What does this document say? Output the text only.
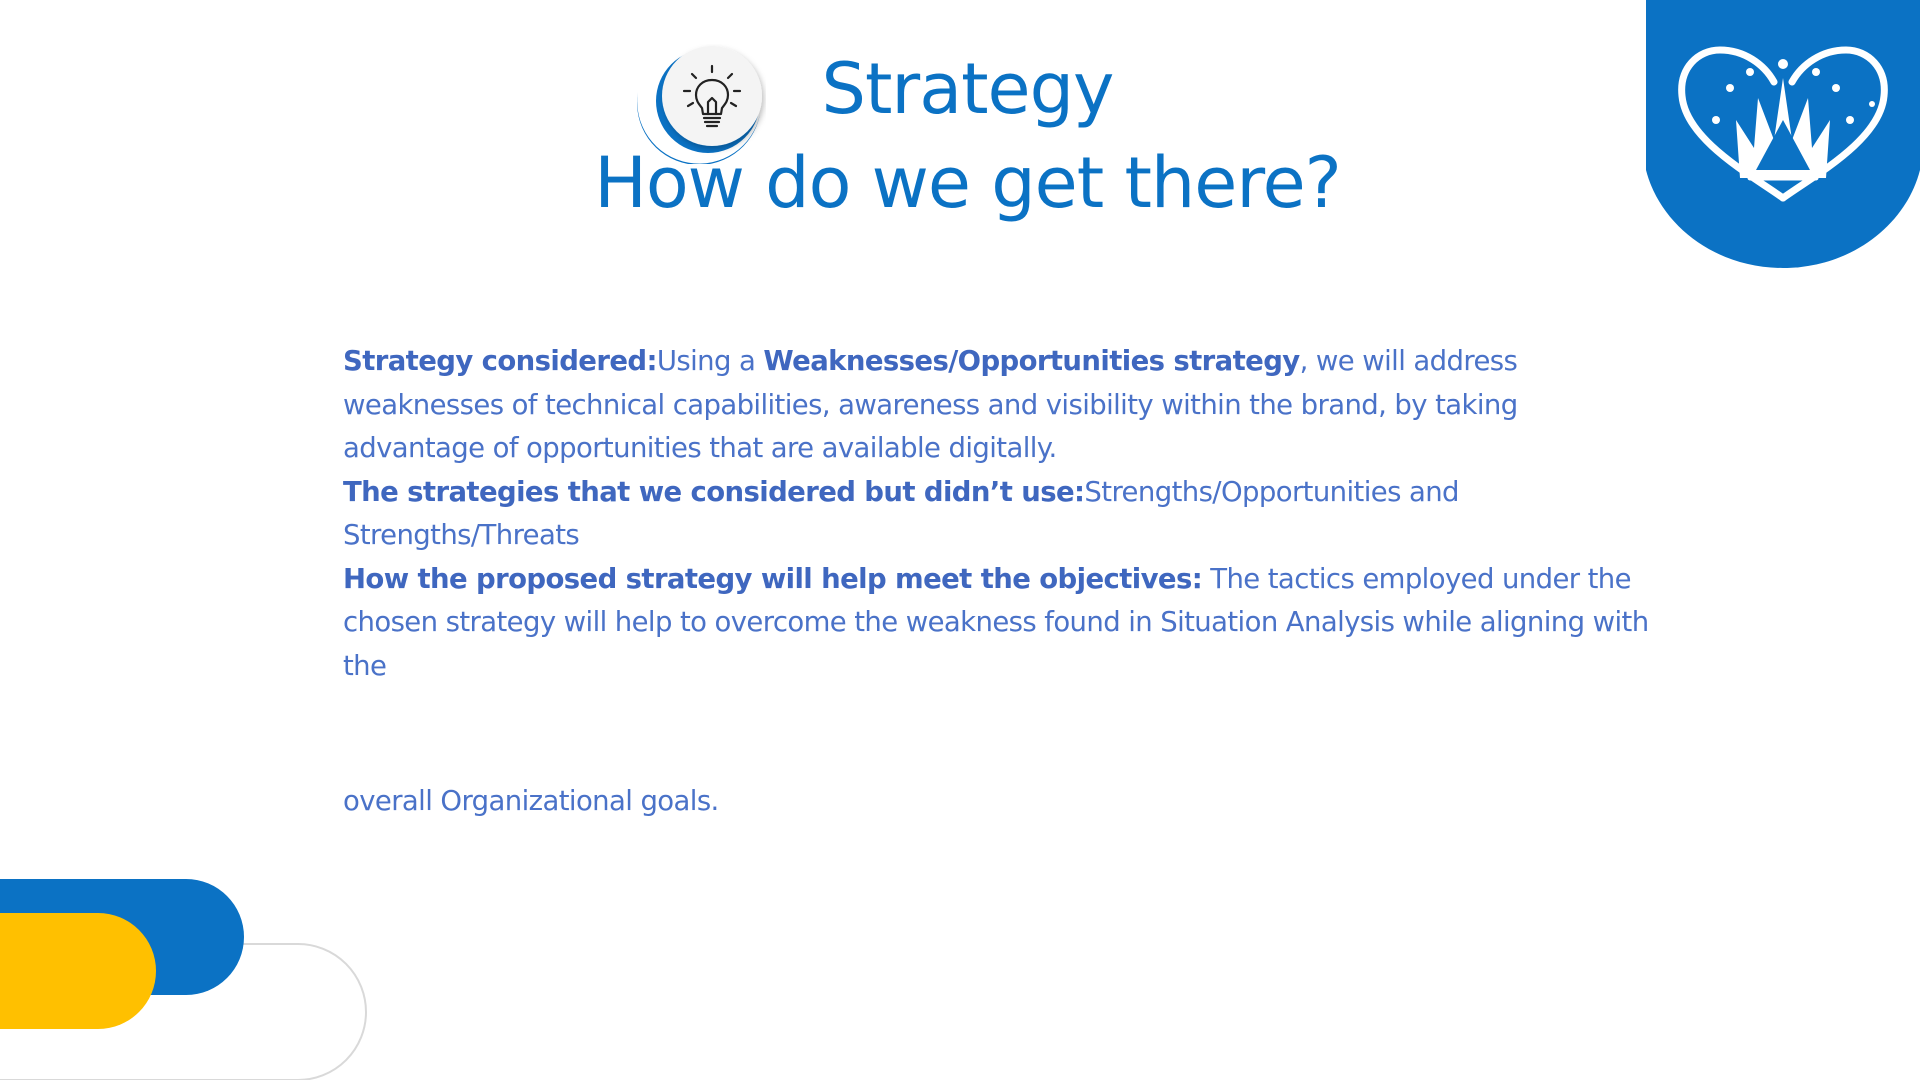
Strategy
How do we get there?

Strategy considered:Using a Weaknesses/Opportunities strategy, we will address weaknesses of technical capabilities, awareness and visibility within the brand, by taking advantage of opportunities that are available digitally.

The strategies that we considered but didn’t use:Strengths/Opportunities and Strengths/Threats

How the proposed strategy will help meet the objectives: The tactics employed under the chosen strategy will help to overcome the weakness found in Situation Analysis while aligning with the

overall Organizational goals.
